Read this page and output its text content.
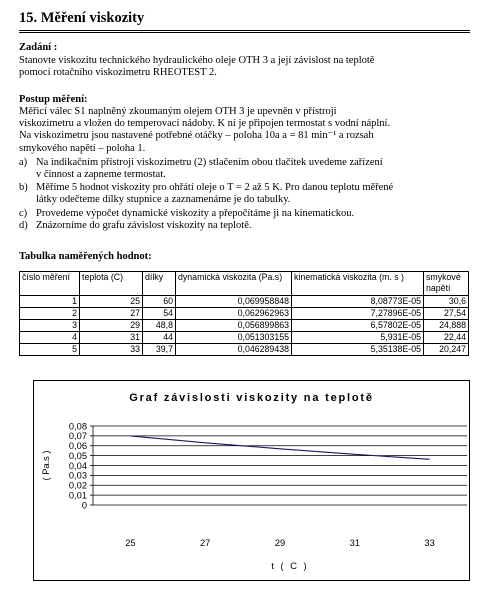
15. Měření viskozity
Zadání :
Stanovte viskozitu technického hydraulického oleje OTH 3 a její závislost na teplotě
pomocí rotačního viskozimetru RHEOTEST 2.
Postup měření:
Měřicí válec S1 naplněný zkoumaným olejem OTH 3 je upevněn v přístroji
viskozimetru a vložen do temperovací nádoby. K ní je připojen termostat s vodní náplní.
Na viskozimetru jsou nastavené potřebné otáčky – poloha 10a a = 81 min⁻¹ a rozsah
smykového napětí – poloha 1.
a) Na indikačním přístroji viskozimetru (2) stlačením obou tlačítek uvedeme zařízení
v činnost a zapneme termostat.
b) Měříme 5 hodnot viskozity pro ohřátí oleje o T = 2 až 5 K. Pro danou teplotu měřené
látky odečteme dílky stupnice a zaznamenáme je do tabulky.
c) Provedeme výpočet dynamické viskozity a přepočítáme ji na kinematickou.
d) Znázorníme do grafu závislost viskozity na teplotě.
Tabulka naměřených hodnot:
číslo měření	teplota (C)	dílky	dynamická viskozita (Pa.s)	kinematická viskozita (m. s )	smykové napětí
1	25	60	0,069958848	8,08773E-05	30,6
2	27	54	0,062962963	7,27896E-05	27,54
3	29	48,8	0,056899863	6,57802E-05	24,888
4	31	44	0,051303155	5,931E-05	22,44
5	33	39,7	0,046289438	5,35138E-05	20,247
Graf závislosti viskozity na teplotě
0
0,01
0,02
0,03
0,04
0,05
0,06
0,07
0,08
25	27	29	31	33
( Pa.s )
t ( C )
